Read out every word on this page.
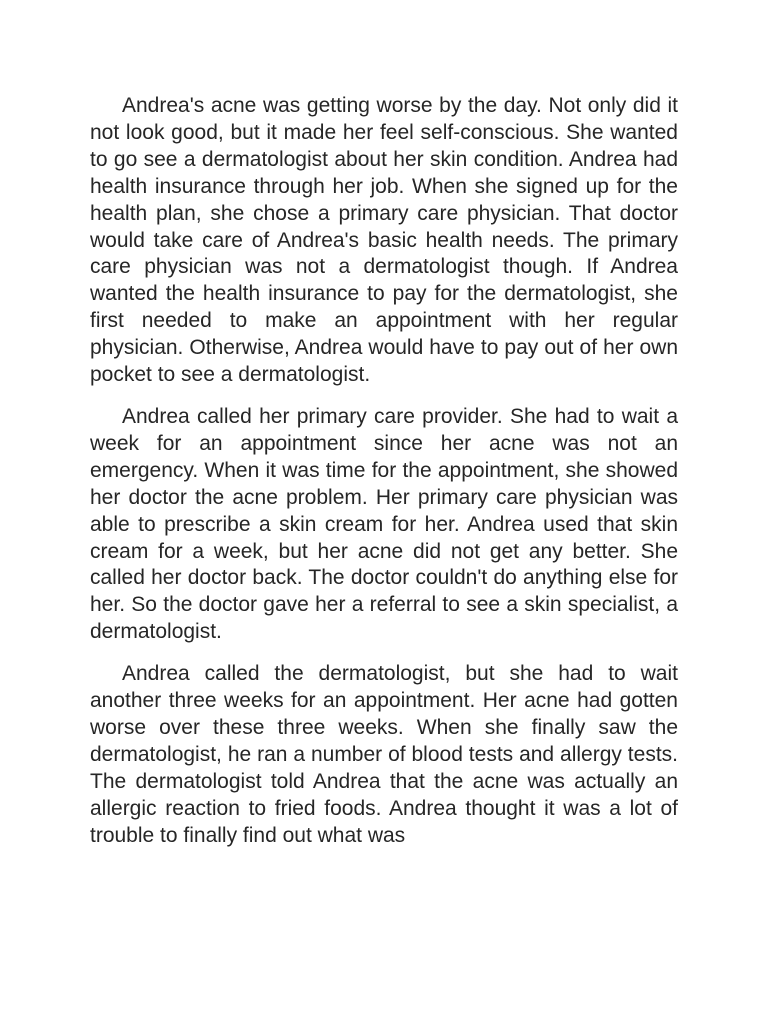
Andrea's acne was getting worse by the day. Not only did it not look good, but it made her feel self-conscious. She wanted to go see a dermatologist about her skin condition. Andrea had health insurance through her job. When she signed up for the health plan, she chose a primary care physician. That doctor would take care of Andrea's basic health needs. The primary care physician was not a dermatologist though. If Andrea wanted the health insurance to pay for the dermatologist, she first needed to make an appointment with her regular physician. Otherwise, Andrea would have to pay out of her own pocket to see a dermatologist.

Andrea called her primary care provider. She had to wait a week for an appointment since her acne was not an emergency. When it was time for the appointment, she showed her doctor the acne problem. Her primary care physician was able to prescribe a skin cream for her. Andrea used that skin cream for a week, but her acne did not get any better. She called her doctor back. The doctor couldn't do anything else for her. So the doctor gave her a referral to see a skin specialist, a dermatologist.

Andrea called the dermatologist, but she had to wait another three weeks for an appointment. Her acne had gotten worse over these three weeks. When she finally saw the dermatologist, he ran a number of blood tests and allergy tests. The dermatologist told Andrea that the acne was actually an allergic reaction to fried foods. Andrea thought it was a lot of trouble to finally find out what was
